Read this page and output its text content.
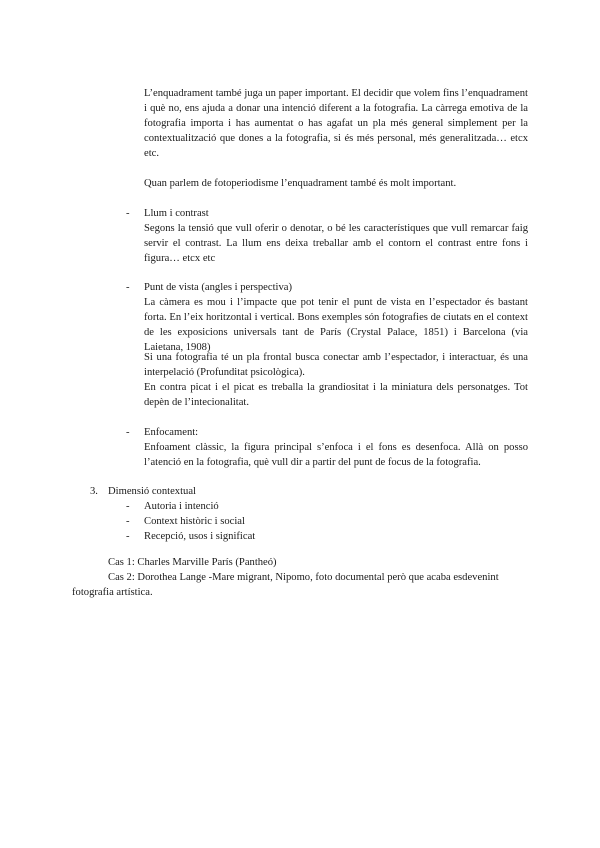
L’enquadrament també juga un paper important. El decidir que volem fins l’enquadrament i què no, ens ajuda a donar una intenció diferent a la fotografia. La càrrega emotiva de la fotografia importa i has aumentat o has agafat un pla més general simplement per la contextualització que dones a la fotografia, si és més personal, més generalitzada… etcx etc.

Quan parlem de fotoperiodisme l’enquadrament també és molt important.

- Llum i contrast

Segons la tensió que vull oferir o denotar, o bé les característiques que vull remarcar faig servir el contrast. La llum ens deixa treballar amb el contorn el contrast entre fons i figura… etcx etc

- Punt de vista (angles i perspectiva)

La càmera es mou i l’impacte que pot tenir el punt de vista en l’espectador és bastant forta. En l’eix horitzontal i vertical. Bons exemples són fotografies de ciutats en el context de les exposicions universals tant de París (Crystal Palace, 1851) i Barcelona (via Laietana, 1908)

Si una fotografia té un pla frontal busca conectar amb l’espectador, i interactuar, és una interpelació (Profunditat psicològica).

En contra picat i el picat es treballa la grandiositat i la miniatura dels personatges. Tot depèn de l’intecionalitat.

- Enfocament:

Enfoament clàssic, la figura principal s’enfoca i el fons es desenfoca. Allà on posso l’atenció en la fotografia, què vull dir a partir del punt de focus de la fotografia.

3. Dimensió contextual
- Autoria i intenció
- Context històric i social
- Recepció, usos i significat

Cas 1: Charles Marville París (Pantheó)

Cas 2: Dorothea Lange -Mare migrant, Nipomo, foto documental però que acaba esdevenint fotografia artística.
